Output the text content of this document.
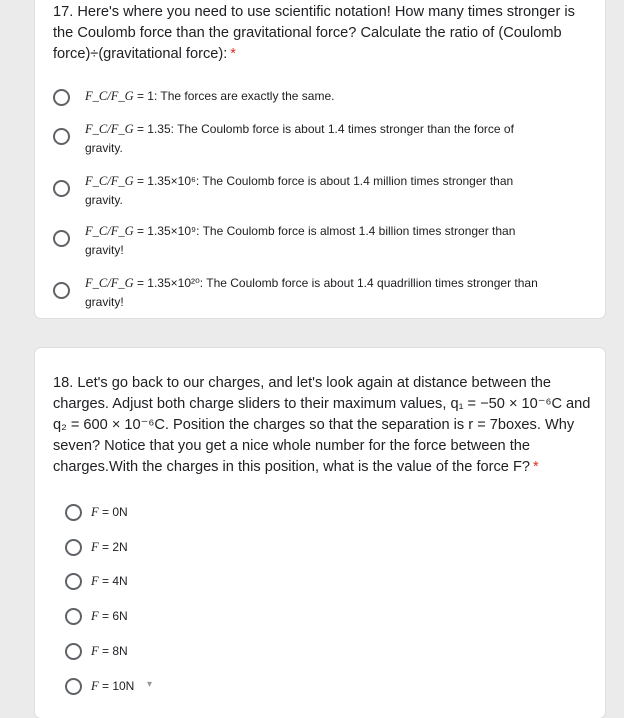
17. Here's where you need to use scientific notation! How many times stronger is the Coulomb force than the gravitational force? Calculate the ratio of (Coulomb force)÷(gravitational force): *
F_C/F_G = 1: The forces are exactly the same.
F_C/F_G = 1.35: The Coulomb force is about 1.4 times stronger than the force of
gravity.
F_C/F_G = 1.35×10⁶: The Coulomb force is about 1.4 million times stronger than
gravity.
F_C/F_G = 1.35×10⁹: The Coulomb force is almost 1.4 billion times stronger than
gravity!
F_C/F_G = 1.35×10²⁰: The Coulomb force is about 1.4 quadrillion times stronger than
gravity!
18. Let's go back to our charges, and let's look again at distance between the
charges. Adjust both charge sliders to their maximum values, q₁ = −50 × 10⁻⁶C and
q₂ = 600 × 10⁻⁶C. Position the charges so that the separation is r = 7boxes. Why
seven? Notice that you get a nice whole number for the force between the
charges.With the charges in this position, what is the value of the force F? *
F = 0N
F = 2N
F = 4N
F = 6N
F = 8N
F = 10N ▾
